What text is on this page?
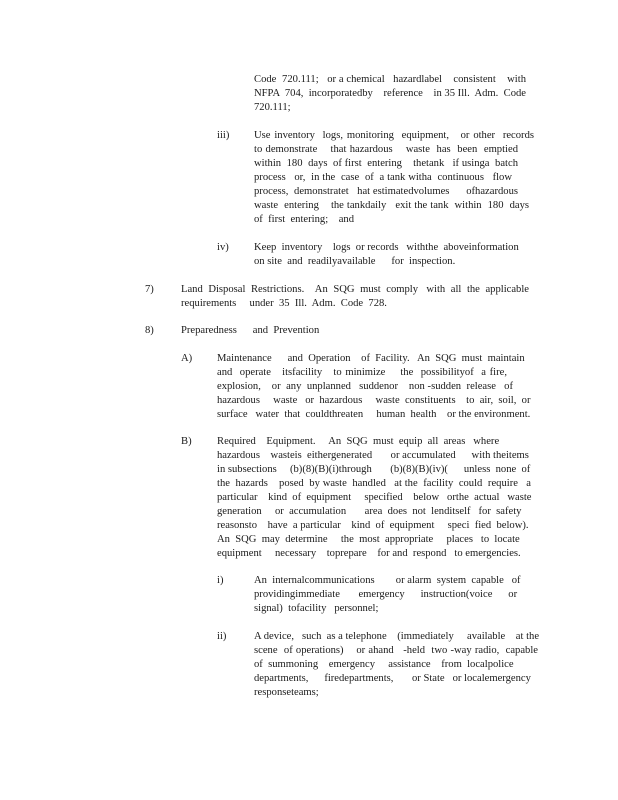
Code  720.111;   or a chemical   hazardlabel    consistent    with
NFPA  704,  incorporatedby    reference    in 35 Ill.  Adm.  Code
720.111;
iii) Use inventory  logs, monitoring  equipment,   or other  records
to demonstrate    that hazardous    waste  has  been  emptied
within  180  days  of first  entering    thetank   if usinga  batch
process   or,  in the  case  of  a tank witha  continuous   flow
process,  demonstratet   hat estimatedvolumes      ofhazardous
waste  entering    the tankdaily   exit the tank  within  180  days
of  first  entering;    and
iv) Keep  inventory    logs  or records   withthe  aboveinformation
on site  and  readilyavailable      for  inspection.
7)	Land  Disposal  Restrictions.    An  SQG  must  comply   with  all  the  applicable
requirements     under  35  Ill.  Adm.  Code  728.
8)	Preparedness      and  Prevention
A) Maintenance      and  Operation    of  Facility.   An  SQG  must  maintain
and  operate   itsfacility   to minimize    the  possibilityof  a fire,
explosion,    or  any  unplanned   suddenor    non -sudden  release   of
hazardous     waste   or  hazardous     waste  constituents    to  air,  soil,  or
surface   water  that  couldthreaten     human  health    or the environment.
B) Required    Equipment.     An  SQG  must  equip  all  areas   where
hazardous    wasteis  eithergenerated       or accumulated      with theitems
in subsections     (b)(8)(B)(i)through       (b)(8)(B)(iv)(      unless  none  of
the  hazards    posed  by waste  handled   at the  facility  could  require   a
particular    kind  of  equipment     specified    below   orthe  actual   waste
generation     or  accumulation       area  does  not  lenditself   for  safety
reasonsto    have  a particular    kind  of  equipment     speci  fied  below).
An  SQG  may  determine     the  most  appropriate     places   to  locate
equipment     necessary    toprepare    for and  respond   to emergencies.
i)	An  internalcommunications        or alarm  system  capable   of
providingimmediate       emergency      instruction(voice      or
signal)  tofacility   personnel;
ii)	A device,   such  as a telephone    (immediately     available    at the
scene  of operations)    or ahand   -held  two -way radio,  capable
of  summoning    emergency     assistance    from  localpolice
departments,      firedepartments,       or State   or localemergency
responseteams;
